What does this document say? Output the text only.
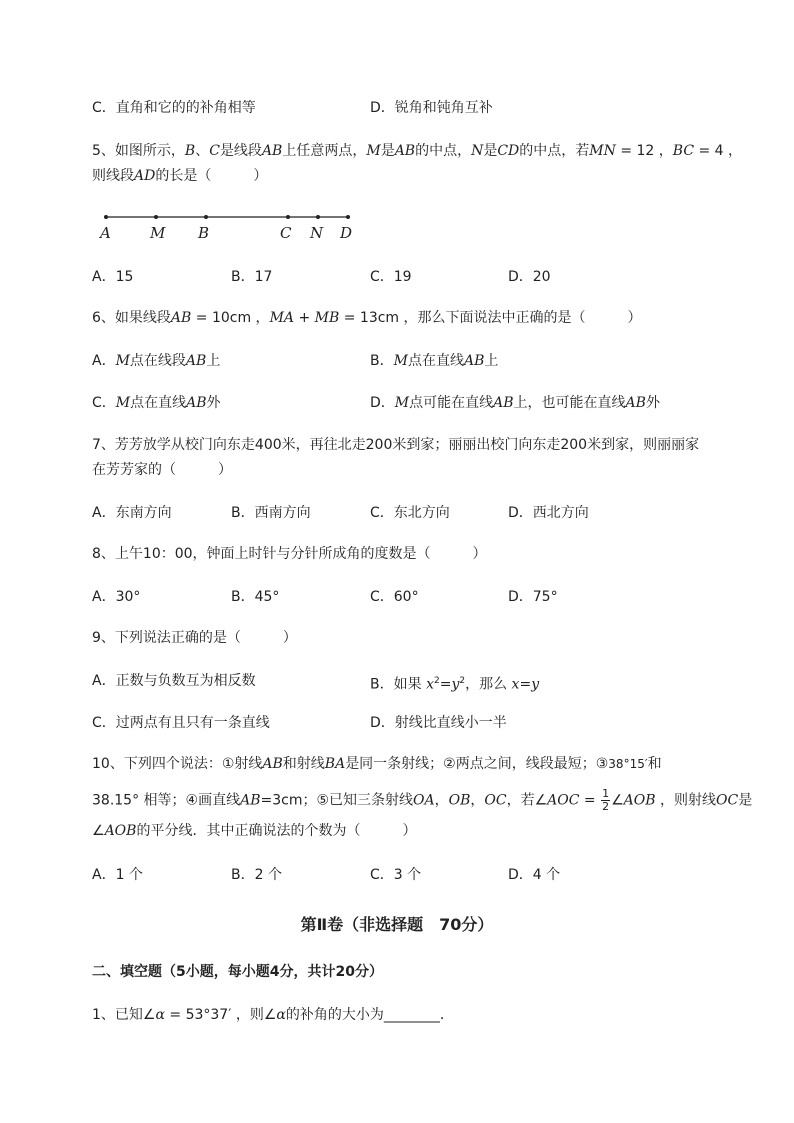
C．直角和它的的补角相等	D．锐角和钝角互补
5、如图所示，B、C是线段AB上任意两点，M是AB的中点，N是CD的中点，若MN = 12 ，BC = 4 ，
则线段AD的长是（　　　）
A	M B	C N D
A．15	B．17	C．19	D．20
6、如果线段AB = 10cm ，MA + MB = 13cm ，那么下面说法中正确的是（　　　）
A．M点在线段AB上	B．M点在直线AB上
C．M点在直线AB外	D．M点可能在直线AB上，也可能在直线AB外
7、芳芳放学从校门向东走400米，再往北走200米到家；丽丽出校门向东走200米到家，则丽丽家
在芳芳家的（　　　）
A．东南方向	B．西南方向	C．东北方向	D．西北方向
8、上午10：00，钟面上时针与分针所成角的度数是（　　　）
A．30°	B．45°	C．60°	D．75°
9、下列说法正确的是（　　　）
A．正数与负数互为相反数	B．如果 $x^2=y^2$，那么 x=y
C．过两点有且只有一条直线	D．射线比直线小一半
10、下列四个说法：①射线AB和射线BA是同一条射线；②两点之间，线段最短；③38°15′和
38.15° 相等；④画直线AB=3cm；⑤已知三条射线OA，OB，OC，若∠AOC = $\frac{1}{2}$ ∠AOB ，则射线OC是
∠AOB的平分线．其中正确说法的个数为（　　　）
A．1 个	B．2 个	C．3 个	D．4 个
第Ⅱ卷（非选择题　70分）
二、填空题（5小题，每小题4分，共计20分）
1、已知∠α = 53°37′ ，则∠α的补角的大小为________．
